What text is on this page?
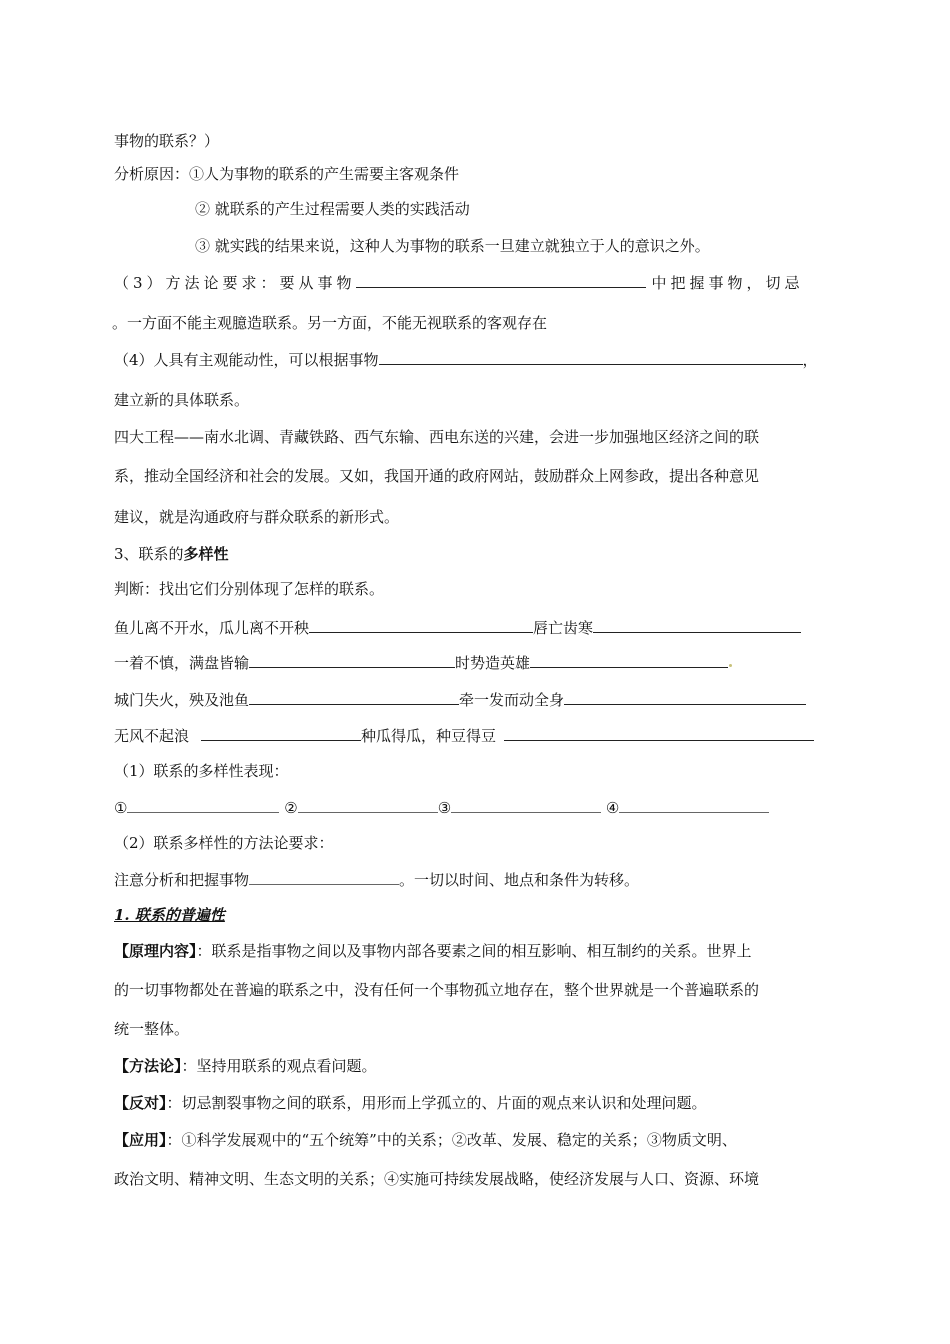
事物的联系？）
分析原因：①人为事物的联系的产生需要主客观条件
② 就联系的产生过程需要人类的实践活动
③ 就实践的结果来说，这种人为事物的联系一旦建立就独立于人的意识之外。
（3）方法论要求：要从事物	中把握事物，切忌
。一方面不能主观臆造联系。另一方面，不能无视联系的客观存在
（4）人具有主观能动性，可以根据事物	，
建立新的具体联系。
四大工程——南水北调、青藏铁路、西气东输、西电东送的兴建，会进一步加强地区经济之间的联
系，推动全国经济和社会的发展。又如，我国开通的政府网站，鼓励群众上网参政，提出各种意见
建议，就是沟通政府与群众联系的新形式。
3、联系的多样性
判断：找出它们分别体现了怎样的联系。
鱼儿离不开水，瓜儿离不开秧	唇亡齿寒
一着不慎，满盘皆输	时势造英雄
城门失火，殃及池鱼	牵一发而动全身
无风不起浪	种瓜得瓜，种豆得豆
（1）联系的多样性表现：
①	②	③	④
（2）联系多样性的方法论要求：
注意分析和把握事物	。一切以时间、地点和条件为转移。
1. 联系的普遍性
【原理内容】：联系是指事物之间以及事物内部各要素之间的相互影响、相互制约的关系。世界上
的一切事物都处在普遍的联系之中，没有任何一个事物孤立地存在，整个世界就是一个普遍联系的
统一整体。
【方法论】：坚持用联系的观点看问题。
【反对】：切忌割裂事物之间的联系，用形而上学孤立的、片面的观点来认识和处理问题。
【应用】：①科学发展观中的“五个统筹”中的关系；②改革、发展、稳定的关系；③物质文明、
政治文明、精神文明、生态文明的关系；④实施可持续发展战略，使经济发展与人口、资源、环境
